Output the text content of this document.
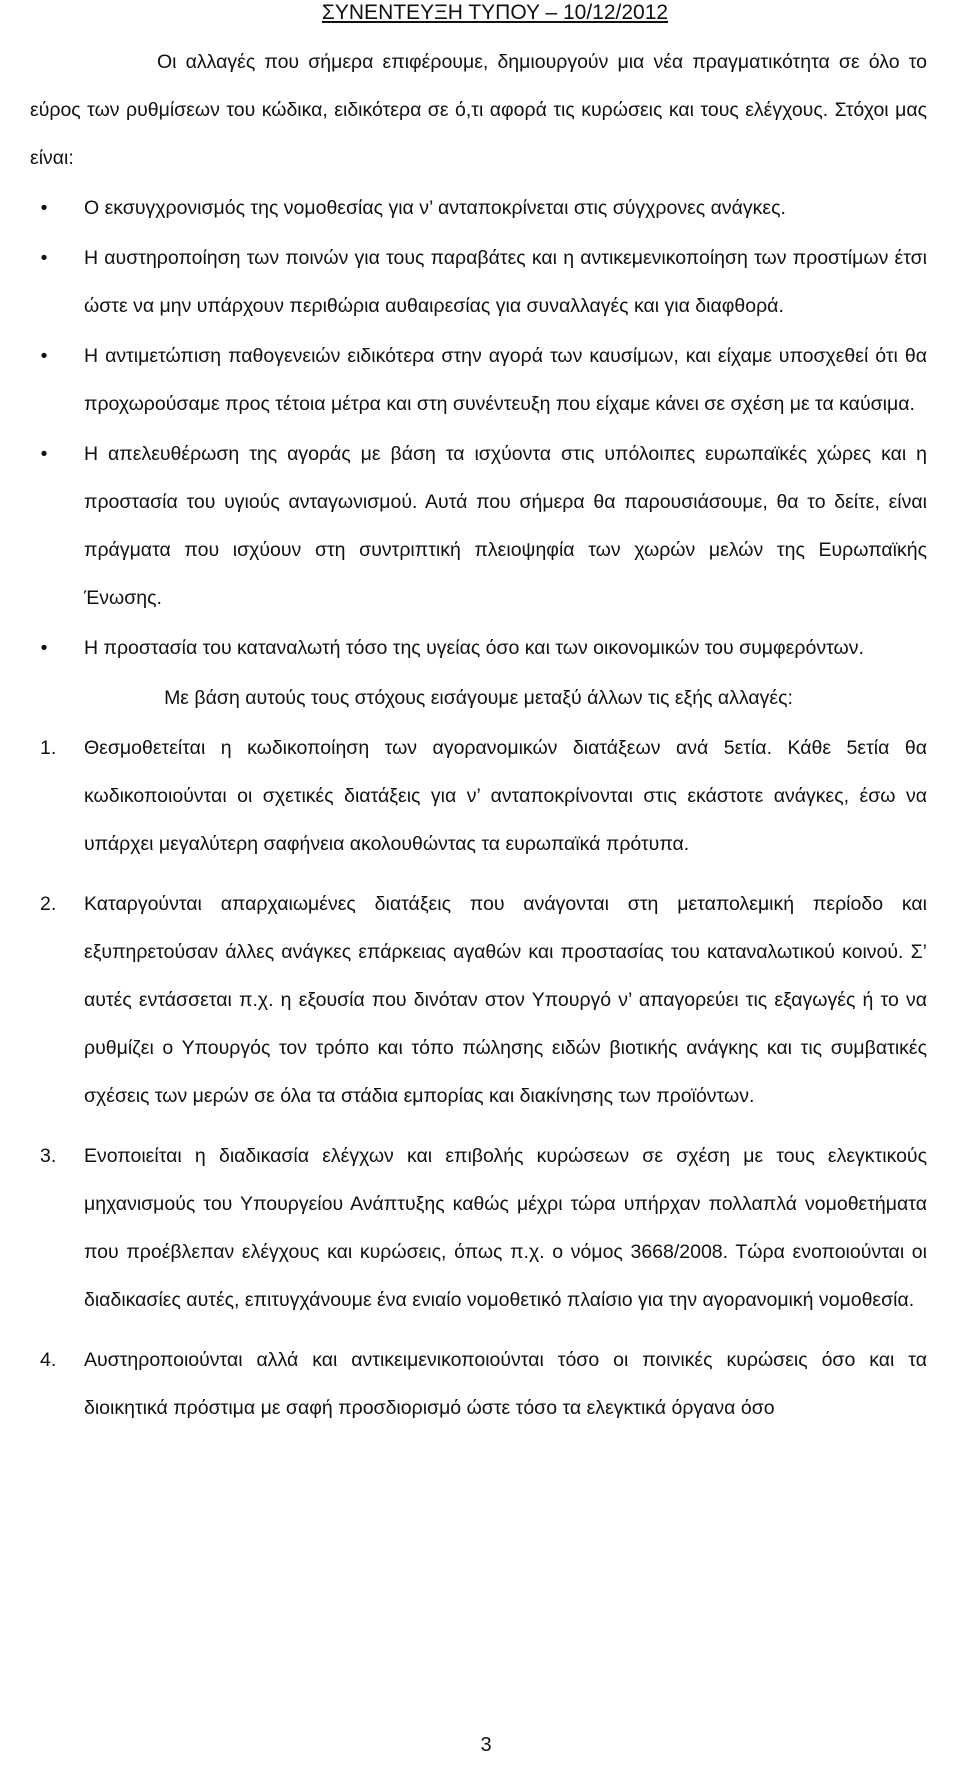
ΣΥΝΕΝΤΕΥΞΗ ΤΥΠΟΥ – 10/12/2012

Οι αλλαγές που σήμερα επιφέρουμε, δημιουργούν μια νέα πραγματικότητα σε όλο το εύρος των ρυθμίσεων του κώδικα, ειδικότερα σε ό,τι αφορά τις κυρώσεις και τους ελέγχους. Στόχοι μας είναι:

•	Ο εκσυγχρονισμός της νομοθεσίας για ν’ ανταποκρίνεται στις σύγχρονες ανάγκες.
•	Η αυστηροποίηση των ποινών για τους παραβάτες και η αντικεμενικοποίηση των προστίμων έτσι ώστε να μην υπάρχουν περιθώρια αυθαιρεσίας για συναλλαγές και για διαφθορά.
•	Η αντιμετώπιση παθογενειών ειδικότερα στην αγορά των καυσίμων, και είχαμε υποσχεθεί ότι θα προχωρούσαμε προς τέτοια μέτρα και στη συνέντευξη που είχαμε κάνει σε σχέση με τα καύσιμα.
•	Η απελευθέρωση της αγοράς με βάση τα ισχύοντα στις υπόλοιπες ευρωπαϊκές χώρες και η προστασία του υγιούς ανταγωνισμού. Αυτά που σήμερα θα παρουσιάσουμε, θα το δείτε, είναι πράγματα που ισχύουν στη συντριπτική πλειοψηφία των χωρών μελών της Ευρωπαϊκής Ένωσης.
•	Η προστασία του καταναλωτή τόσο της υγείας όσο και των οικονομικών του συμφερόντων.

Με βάση αυτούς τους στόχους εισάγουμε μεταξύ άλλων τις εξής αλλαγές:

1. Θεσμοθετείται η κωδικοποίηση των αγορανομικών διατάξεων ανά 5ετία. Κάθε 5ετία θα κωδικοποιούνται οι σχετικές διατάξεις για ν’ ανταποκρίνονται στις εκάστοτε ανάγκες, έσω να υπάρχει μεγαλύτερη σαφήνεια ακολουθώντας τα ευρωπαϊκά πρότυπα.
2. Καταργούνται απαρχαιωμένες διατάξεις που ανάγονται στη μεταπολεμική περίοδο και εξυπηρετούσαν άλλες ανάγκες επάρκειας αγαθών και προστασίας του καταναλωτικού κοινού. Σ’ αυτές εντάσσεται π.χ. η εξουσία που δινόταν στον Υπουργό ν’ απαγορεύει τις εξαγωγές ή το να ρυθμίζει ο Υπουργός τον τρόπο και τόπο πώλησης ειδών βιοτικής ανάγκης και τις συμβατικές σχέσεις των μερών σε όλα τα στάδια εμπορίας και διακίνησης των προϊόντων.
3. Ενοποιείται η διαδικασία ελέγχων και επιβολής κυρώσεων σε σχέση με τους ελεγκτικούς μηχανισμούς του Υπουργείου Ανάπτυξης καθώς μέχρι τώρα υπήρχαν πολλαπλά νομοθετήματα που προέβλεπαν ελέγχους και κυρώσεις, όπως π.χ. ο νόμος 3668/2008. Τώρα ενοποιούνται οι διαδικασίες αυτές, επιτυγχάνουμε ένα ενιαίο νομοθετικό πλαίσιο για την αγορανομική νομοθεσία.
4. Αυστηροποιούνται αλλά και αντικειμενικοποιούνται τόσο οι ποινικές κυρώσεις όσο και τα διοικητικά πρόστιμα με σαφή προσδιορισμό ώστε τόσο τα ελεγκτικά όργανα όσο
3
